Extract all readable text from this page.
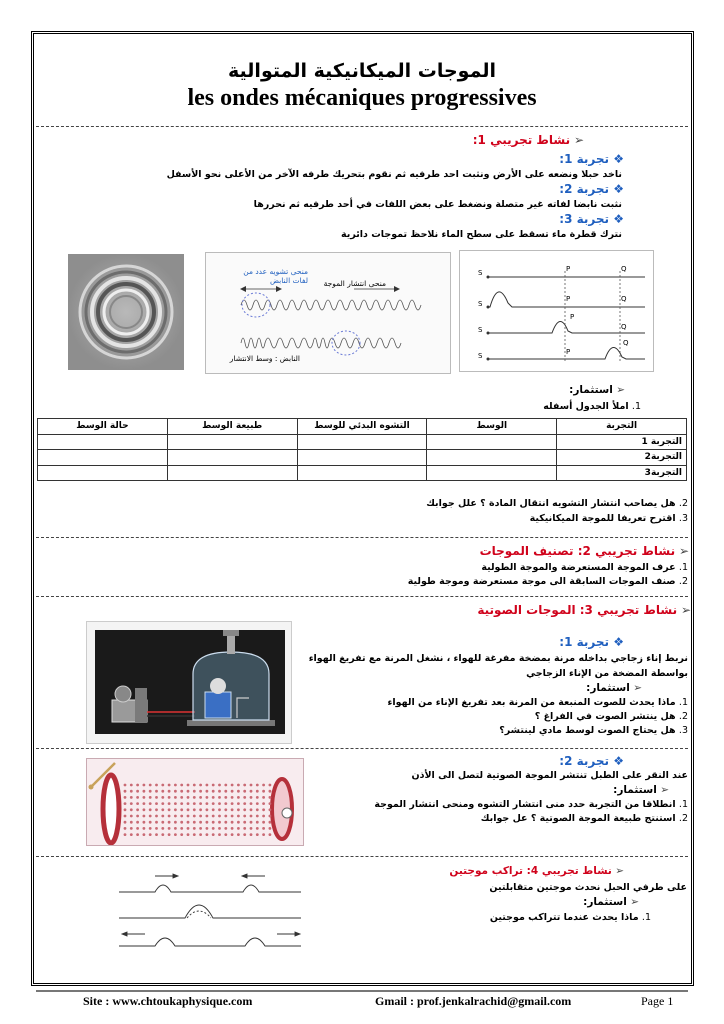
الموجات الميكانيكية المتوالية
les ondes mécaniques progressives
➢ نشاط تجريبي 1:
❖ تجربة 1:
ناخد حبلا ونضعه على الأرض ونثبت احد طرفيه ثم نقوم بتحريك طرفه الآخر من الأعلى نحو الأسفل
❖ تجربة 2:
نثبت نابضا لفاته غير متصلة ونضغط على بعض اللفات في أحد طرفيه ثم نحررها
❖ تجربة 3:
نترك قطرة ماء تسقط على سطح الماء نلاحظ تموجات دائرية
منحى تشويه عدد من لفات النابض منحى انتشار الموجة
النابض : وسط الانتشار
S
S
S
S
P	Q
P	Q
P
Q
P
Q
➢ استثمار:
1. املأ الجدول أسفله
التجربة	الوسط	التشوه البدئي للوسط	طبيعة الوسط	حالة الوسط
التجربة 1				
التجربة2				
التجربة3				
2. هل يصاحب انتشار التشويه انتقال المادة ؟ علل جوابك
3. اقترح تعريفا للموجة الميكانيكية
➢ نشاط تجريبي 2: تصنيف الموجات
1. عرف الموجة المستعرضة والموجة الطولية
2. صنف الموجات السابقة الى موجة مستعرضة وموجة طولية
➢ نشاط تجريبي 3: الموجات الصوتية
❖ تجربة 1:
نربط إناء زجاجي بداخله مرنة بمضخة مفرغة للهواء ، نشغل المرنة مع تفريغ الهواء
بواسطة المضخة من الإناء الزجاجي
➢ استثمار:
1. ماذا يحدث للصوت المنبعة من المرنة بعد تفريغ الإناء من الهواء
2. هل ينتشر الصوت في الفراغ ؟
3. هل يحتاج الصوت لوسط مادي لينتشر؟
❖ تجربة 2:
عند النقر على الطبل تنتشر الموجة الصوتية لتصل الى الأذن
➢ استثمار:
1. انطلاقا من التجربة حدد منى انتشار التشوه ومنحى انتشار الموجة
2. استنتج طبيعة الموجة الصوتية ؟ عل جوابك
➢ نشاط تجريبي 4: تراكب موجتين
على طرفي الحبل نحدث موجتين متقابلتين
➢ استثمار:
1. ماذا يحدث عندما تتراكب موجتين
Site : www.chtoukaphysique.com	Gmail : prof.jenkalrachid@gmail.com	Page 1
